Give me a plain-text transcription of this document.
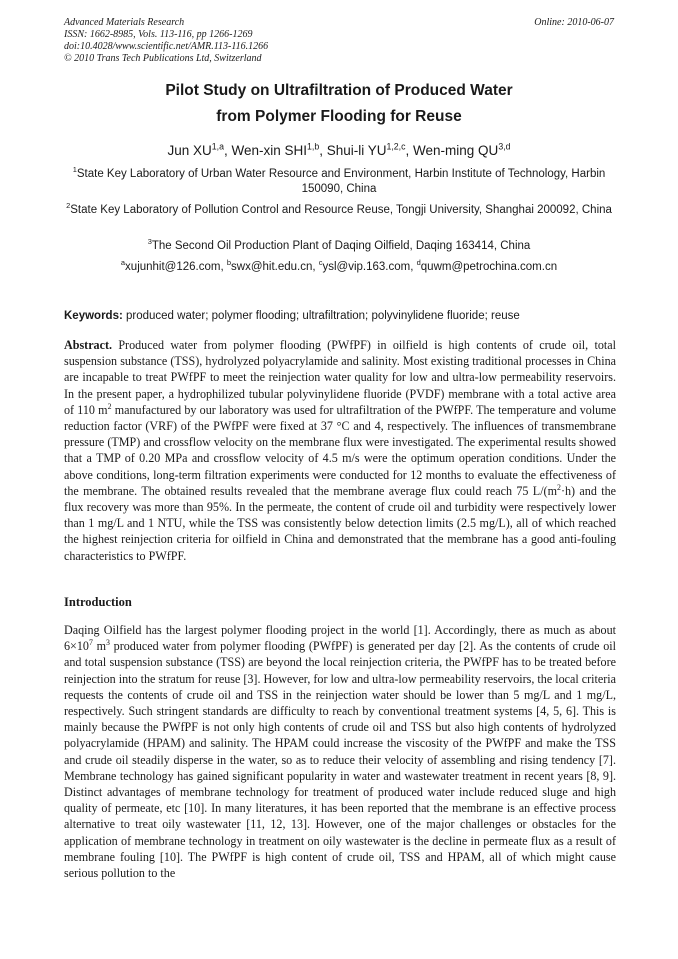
Advanced Materials Research
ISSN: 1662-8985, Vols. 113-116, pp 1266-1269
doi:10.4028/www.scientific.net/AMR.113-116.1266
© 2010 Trans Tech Publications Ltd, Switzerland
Online: 2010-06-07
Pilot Study on Ultrafiltration of Produced Water
from Polymer Flooding for Reuse
Jun XU$^{1,a}$, Wen-xin SHI$^{1,b}$, Shui-li YU$^{1,2,c}$, Wen-ming QU$^{3,d}$
$^1$State Key Laboratory of Urban Water Resource and Environment, Harbin Institute of Technology, Harbin 150090, China
$^2$State Key Laboratory of Pollution Control and Resource Reuse, Tongji University, Shanghai 200092, China
$^3$The Second Oil Production Plant of Daqing Oilfield, Daqing 163414, China
$^a$xujunhit@126.com, $^b$swx@hit.edu.cn, $^c$ysl@vip.163.com, $^d$quwm@petrochina.com.cn
Keywords: produced water; polymer flooding; ultrafiltration; polyvinylidene fluoride; reuse
Abstract. Produced water from polymer flooding (PWfPF) in oilfield is high contents of crude oil, total suspension substance (TSS), hydrolyzed polyacrylamide and salinity. Most existing traditional processes in China are incapable to treat PWfPF to meet the reinjection water quality for low and ultra-low permeability reservoirs. In the present paper, a hydrophilized tubular polyvinylidene fluoride (PVDF) membrane with a total active area of 110 $m^2$ manufactured by our laboratory was used for ultrafiltration of the PWfPF. The temperature and volume reduction factor (VRF) of the PWfPF were fixed at 37 °C and 4, respectively. The influences of transmembrane pressure (TMP) and crossflow velocity on the membrane flux were investigated. The experimental results showed that a TMP of 0.20 MPa and crossflow velocity of 4.5 m/s were the optimum operation conditions. Under the above conditions, long-term filtration experiments were conducted for 12 months to evaluate the effectiveness of the membrane. The obtained results revealed that the membrane average flux could reach 75 $L/(m^2\cdot h)$ and the flux recovery was more than 95%. In the permeate, the content of crude oil and turbidity were respectively lower than 1 mg/L and 1 NTU, while the TSS was consistently below detection limits (2.5 mg/L), all of which reached the highest reinjection criteria for oilfield in China and demonstrated that the membrane has a good anti-fouling characteristics to PWfPF.
Introduction
Daqing Oilfield has the largest polymer flooding project in the world [1]. Accordingly, there as much as about $6\times 10^7$ $m^3$ produced water from polymer flooding (PWfPF) is generated per day [2]. As the contents of crude oil and total suspension substance (TSS) are beyond the local reinjection criteria, the PWfPF has to be treated before reinjection into the stratum for reuse [3]. However, for low and ultra-low permeability reservoirs, the local criteria requests the contents of crude oil and TSS in the reinjection water should be lower than 5 mg/L and 1 mg/L, respectively. Such stringent standards are difficulty to reach by conventional treatment systems [4, 5, 6]. This is mainly because the PWfPF is not only high contents of crude oil and TSS but also high contents of hydrolyzed polyacrylamide (HPAM) and salinity. The HPAM could increase the viscosity of the PWfPF and make the TSS and crude oil steadily disperse in the water, so as to reduce their velocity of assembling and rising tendency [7]. Membrane technology has gained significant popularity in water and wastewater treatment in recent years [8, 9]. Distinct advantages of membrane technology for treatment of produced water include reduced sluge and high quality of permeate, etc [10]. In many literatures, it has been reported that the membrane is an effective process alternative to treat oily wastewater [11, 12, 13]. However, one of the major challenges or obstacles for the application of membrane technology in treatment on oily wastewater is the decline in permeate flux as a result of membrane fouling [10]. The PWfPF is high content of crude oil, TSS and HPAM, all of which might cause serious pollution to the
